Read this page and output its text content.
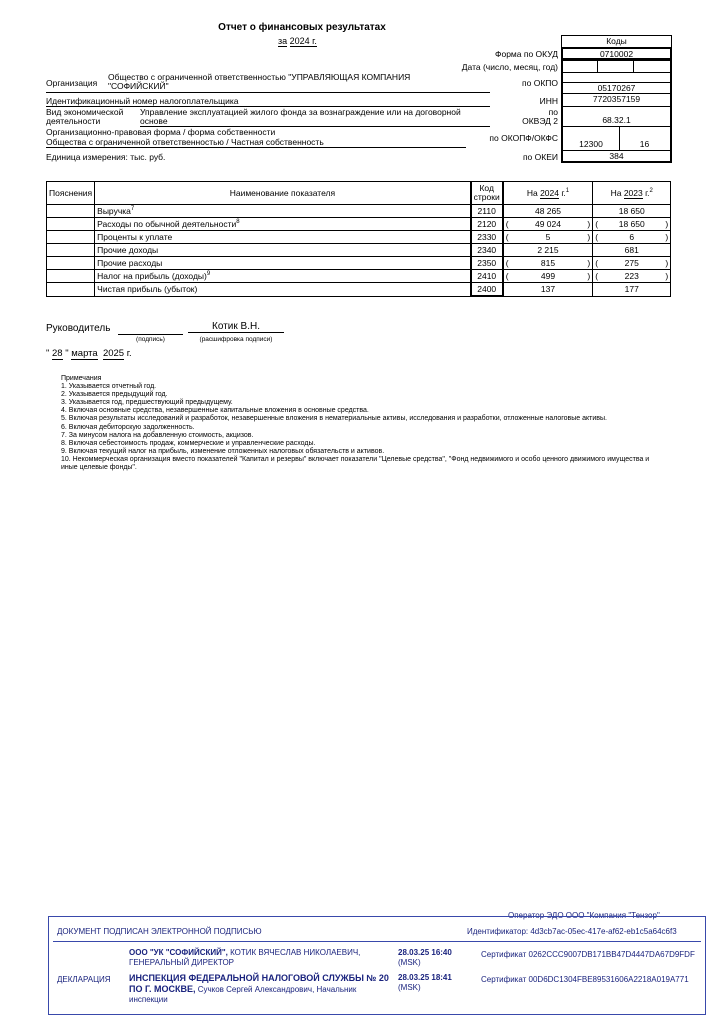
Отчет о финансовых результатах
за 2024 г.	Коды
Форма по ОКУД	0710002
Дата (число, месяц, год)
Организация
Общество с ограниченной ответственностью "УПРАВЛЯЮЩАЯ КОМПАНИЯ
"СОФИЙСКИЙ"	по ОКПО	05170267
Идентификационный номер налогоплательщика	ИНН	7720357159
Вид экономической
деятельности
Управление эксплуатацией жилого фонда за вознаграждение или на договорной
основе
по
ОКВЭД 2	68.32.1
Организационно-правовая форма / форма собственности
Общества с ограниченной ответственностью / Частная собственность	по ОКОПФ/ОКФС
12300	16
Единица измерения: тыс. руб.	по ОКЕИ	384
Пояснения	Наименование показателя	Код
строки	На 2024 г.$^1$	На 2023 г.$^2$
	Выручка$^7$	2110	48 265	18 650
	Расходы по обычной деятельности$^8$	2120	( 49 024 )	( 18 650 )

	Проценты к уплате	2330	( 5 )	( 6 )

	Прочие доходы	2340	2 215	681
	Прочие расходы	2350	( 815 )	( 275 )

	Налог на прибыль (доходы)$^9$	2410	( 499 )	( 223 )

	Чистая прибыль (убыток)	2400	137	177
Руководитель	Котик В.Н.
(подпись)	(расшифровка подписи)
" 28 " марта 2025 г.
Примечания
1. Указывается отчетный год.
2. Указывается предыдущий год.
3. Указывается год, предшествующий предыдущему.
4. Включая основные средства, незавершенные капитальные вложения в основные средства.
5. Включая результаты исследований и разработок, незавершенные вложения в нематериальные активы, исследования и разработки, отложенные налоговые активы.
6. Включая дебиторскую задолженность.
7. За минусом налога на добавленную стоимость, акцизов.
8. Включая себестоимость продаж, коммерческие и управленческие расходы.
9. Включая текущий налог на прибыль, изменение отложенных налоговых обязательств и активов.
10. Некоммерческая организация вместо показателей "Капитал и резервы" включает показатели "Целевые средства", "Фонд недвижимого и особо ценного движимого имущества и иные целевые фонды".
Оператор ЭДО ООО "Компания "Тензор"
ДОКУМЕНТ ПОДПИСАН ЭЛЕКТРОННОЙ ПОДПИСЬЮ	Идентификатор: 4d3cb7ac-05ec-417e-af62-eb1c5a64c6f3
ООО "УК "СОФИЙСКИЙ", КОТИК ВЯЧЕСЛАВ НИКОЛАЕВИЧ, ГЕНЕРАЛЬНЫЙ ДИРЕКТОР
28.03.25 16:40
(MSK)
Сертификат 0262CCC9007DB171BB47D4447DA67D9FDF
ДЕКЛАРАЦИЯ ИНСПЕКЦИЯ ФЕДЕРАЛЬНОЙ НАЛОГОВОЙ СЛУЖБЫ № 20 ПО Г. МОСКВЕ, Сучков Сергей Александрович, Начальник инспекции
28.03.25 18:41
(MSK)
Сертификат 00D6DC1304FBE89531606A2218A019A771
